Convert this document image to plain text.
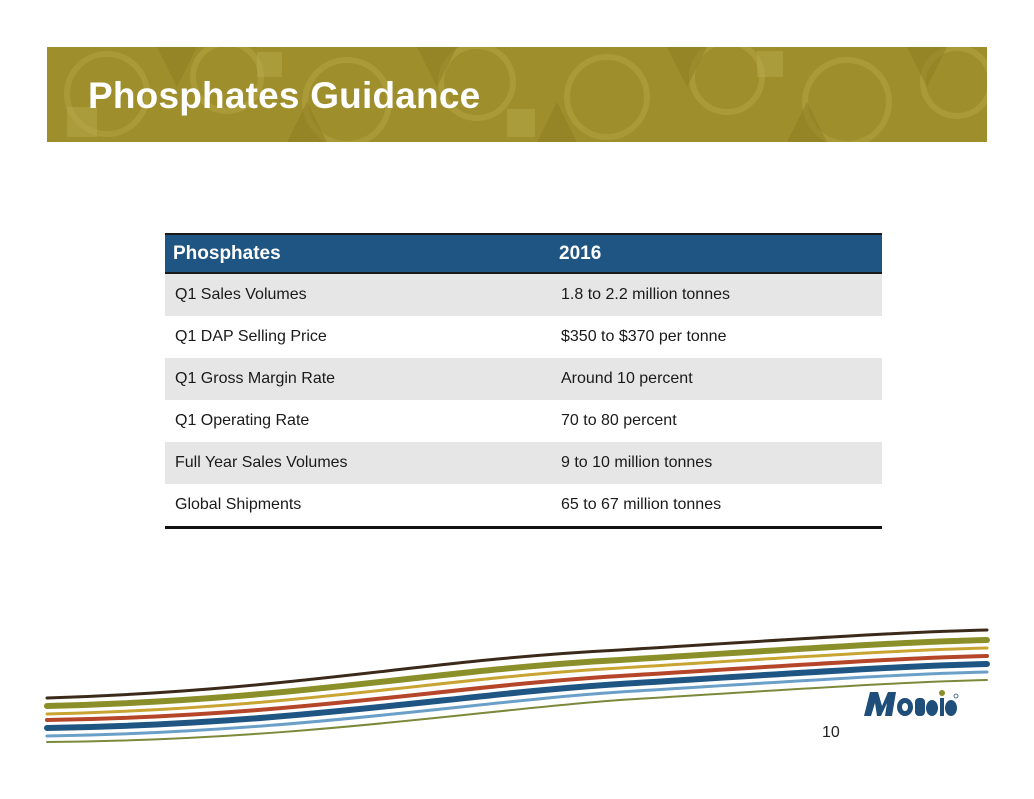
Phosphates Guidance
Phosphates	2016
Q1 Sales Volumes	1.8 to 2.2 million tonnes
Q1 DAP Selling Price	$350 to $370 per tonne
Q1 Gross Margin Rate	Around 10 percent
Q1 Operating Rate	70 to 80 percent
Full Year Sales Volumes	9 to 10 million tonnes
Global Shipments	65 to 67 million tonnes
10
